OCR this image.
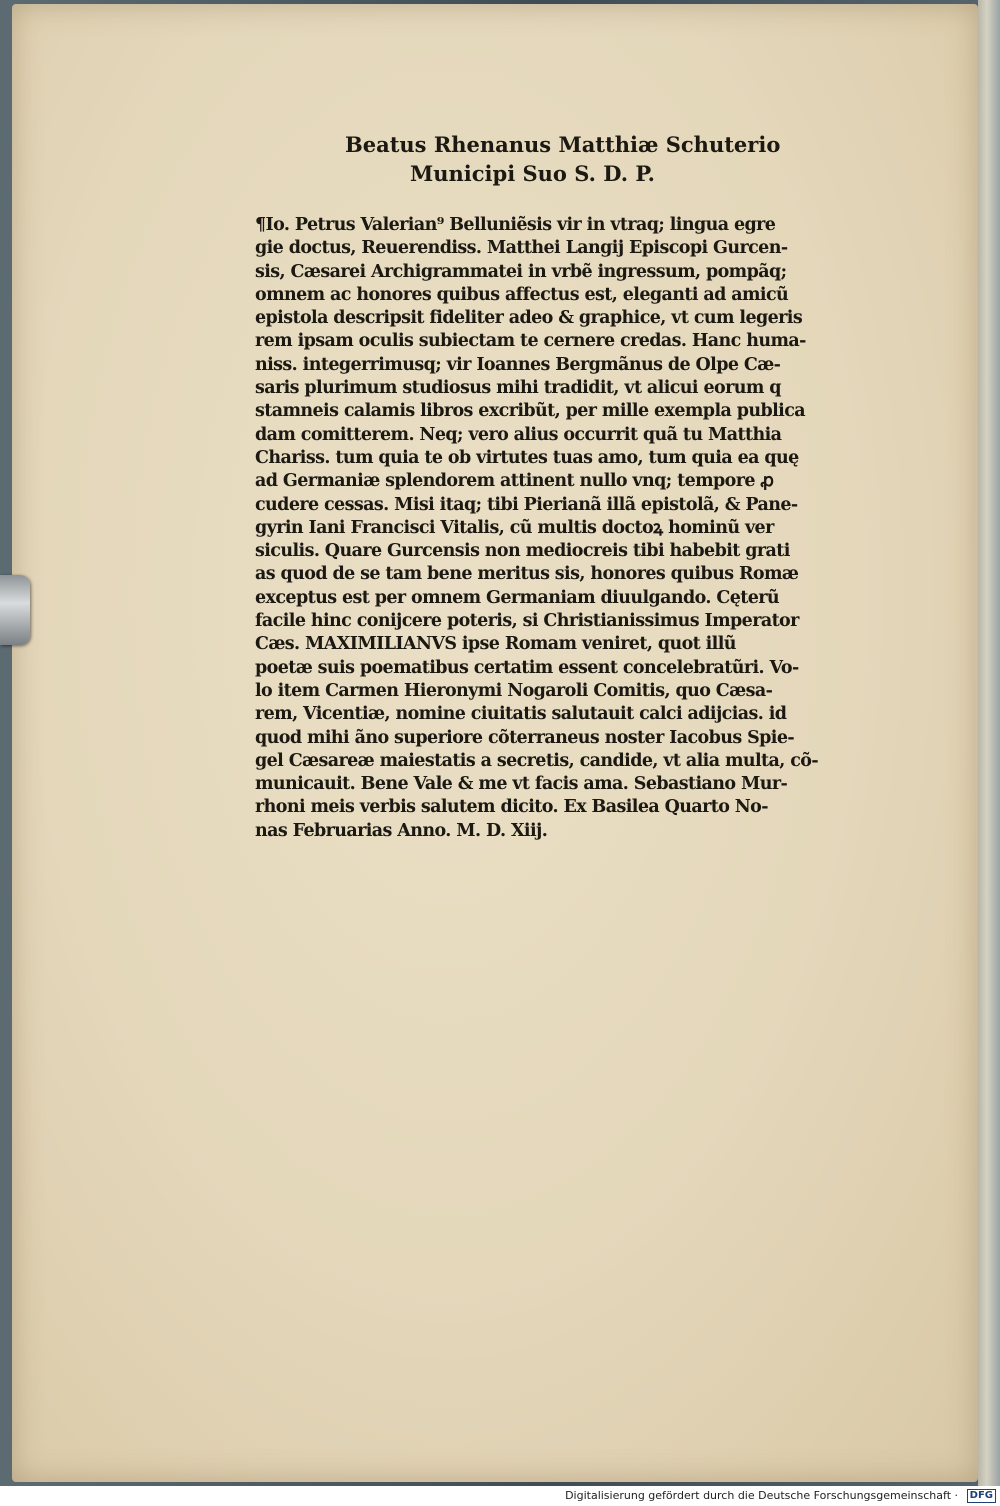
Beatus Rhenanus Matthiæ Schuterio
Municipi Suo S. D. P.
¶Io. Petrus Valerian⁹ Belluniẽsis vir in vtraq; lingua egre
gie doctus, Reuerendiss. Matthei Langij Episcopi Gurcen-
sis, Cæsarei Archigrammatei in vrbẽ ingressum, pompãq;
omnem ac honores quibus affectus est, eleganti ad amicũ
epistola descripsit fideliter adeo & graphice, vt cum legeris
rem ipsam oculis subiectam te cernere credas. Hanc huma-
niss. integerrimusq; vir Ioannes Bergmãnus de Olpe Cæ-
saris plurimum studiosus mihi tradidit, vt alicui eorum q
stamneis calamis libros excribũt, per mille exempla publica
dam comitterem. Neq; vero alius occurrit quã tu Matthia
Chariss. tum quia te ob virtutes tuas amo, tum quia ea quę
ad Germaniæ splendorem attinent nullo vnq; tempore ꝓ
cudere cessas. Misi itaq; tibi Pierianã illã epistolã, & Pane-
gyrin Iani Francisci Vitalis, cũ multis doctoꝝ hominũ ver
siculis. Quare Gurcensis non mediocreis tibi habebit grati
as quod de se tam bene meritus sis, honores quibus Romæ
exceptus est per omnem Germaniam diuulgando. Cęterũ
facile hinc conijcere poteris, si Christianissimus Imperator
Cæs. MAXIMILIANVS ipse Romam veniret, quot illũ
poetæ suis poematibus certatim essent concelebratũri. Vo-
lo item Carmen Hieronymi Nogaroli Comitis, quo Cæsa-
rem, Vicentiæ, nomine ciuitatis salutauit calci adijcias. id
quod mihi ãno superiore cõterraneus noster Iacobus Spie-
gel Cæsareæ maiestatis a secretis, candide, vt alia multa, cõ-
municauit. Bene Vale & me vt facis ama. Sebastiano Mur-
rhoni meis verbis salutem dicito. Ex Basilea Quarto No-
nas Februarias Anno. M. D. Xiij.
Digitalisierung gefördert durch die Deutsche Forschungsgemeinschaft ·	DFG
